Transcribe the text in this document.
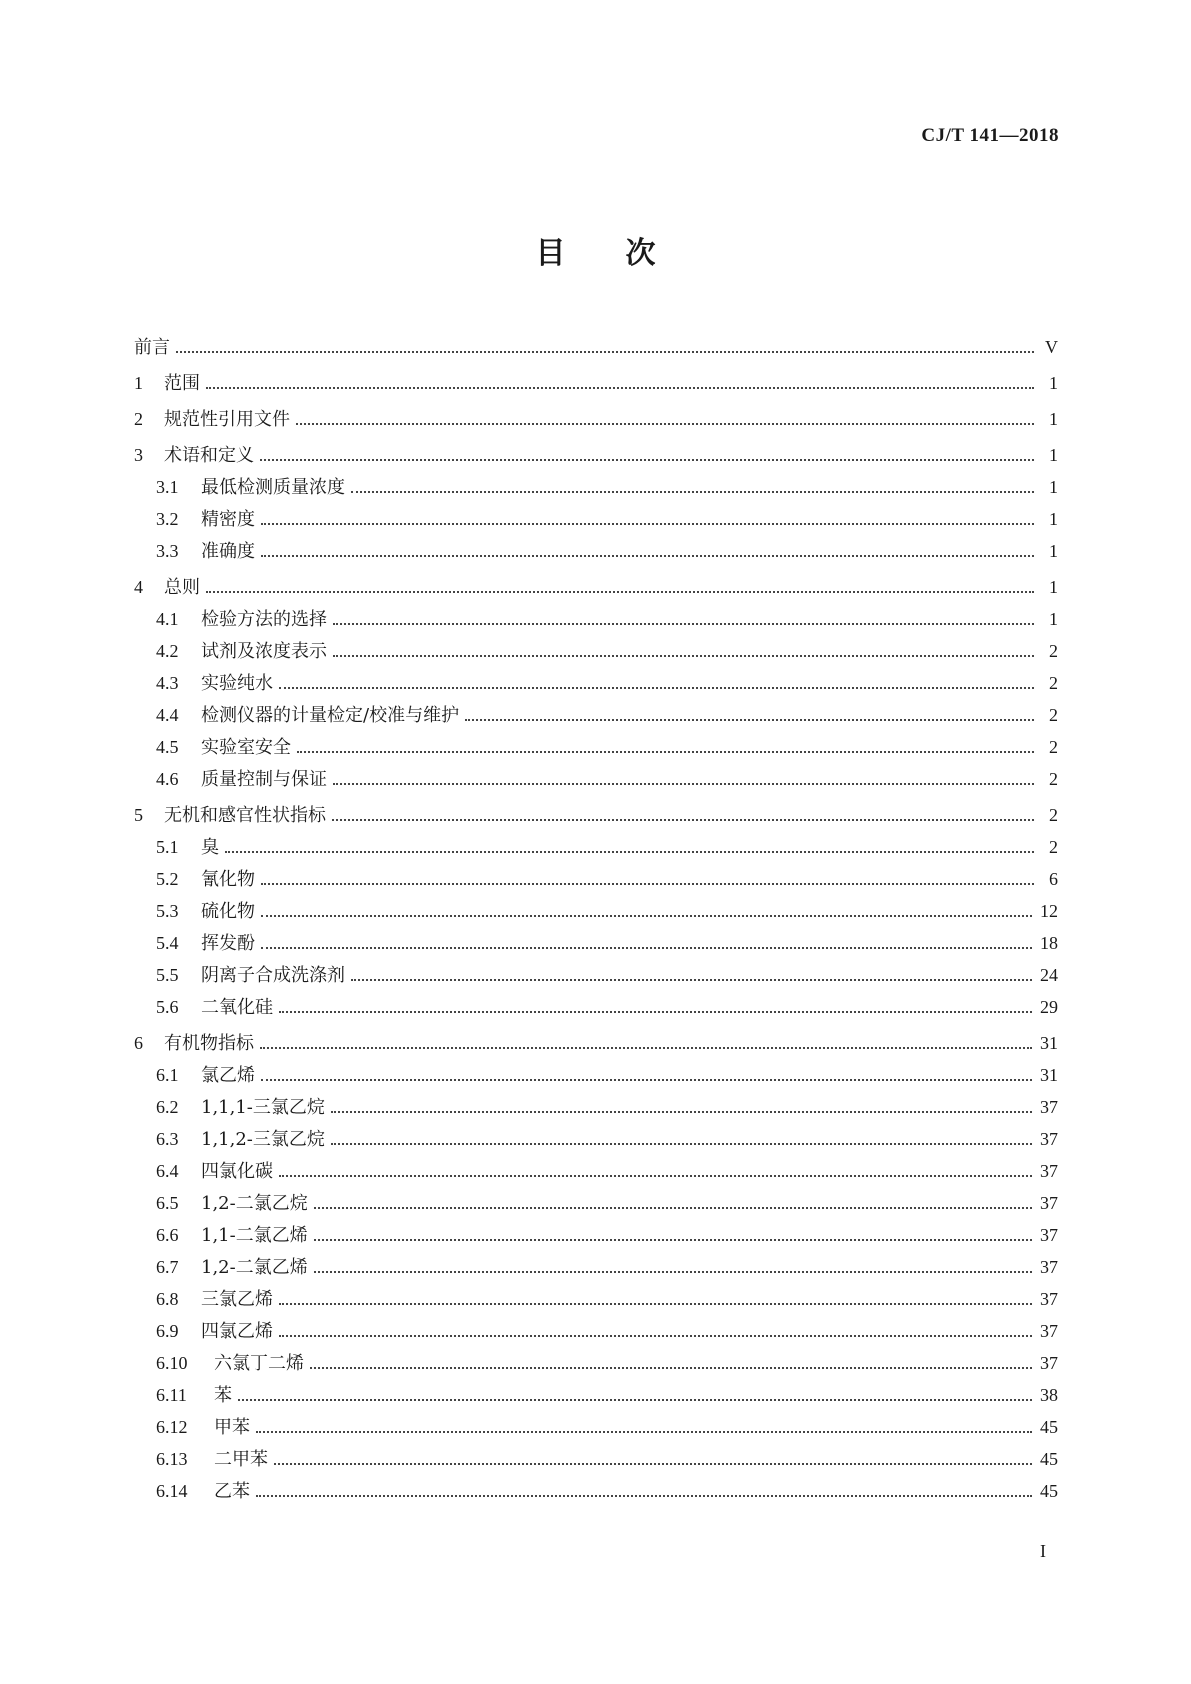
CJ/T 141—2018
目次
前言	V
1	范围	1
2	规范性引用文件	1
3	术语和定义	1
3.1	最低检测质量浓度	1
3.2	精密度	1
3.3	准确度	1
4	总则	1
4.1	检验方法的选择	1
4.2	试剂及浓度表示	2
4.3	实验纯水	2
4.4	检测仪器的计量检定/校准与维护	2
4.5	实验室安全	2
4.6	质量控制与保证	2
5	无机和感官性状指标	2
5.1	臭	2
5.2	氰化物	6
5.3	硫化物	12
5.4	挥发酚	18
5.5	阴离子合成洗涤剂	24
5.6	二氧化硅	29
6	有机物指标	31
6.1	氯乙烯	31
6.2	1,1,1-三氯乙烷	37
6.3	1,1,2-三氯乙烷	37
6.4	四氯化碳	37
6.5	1,2-二氯乙烷	37
6.6	1,1-二氯乙烯	37
6.7	1,2-二氯乙烯	37
6.8	三氯乙烯	37
6.9	四氯乙烯	37
6.10	六氯丁二烯	37
6.11	苯	38
6.12	甲苯	45
6.13	二甲苯	45
6.14	乙苯	45
I
